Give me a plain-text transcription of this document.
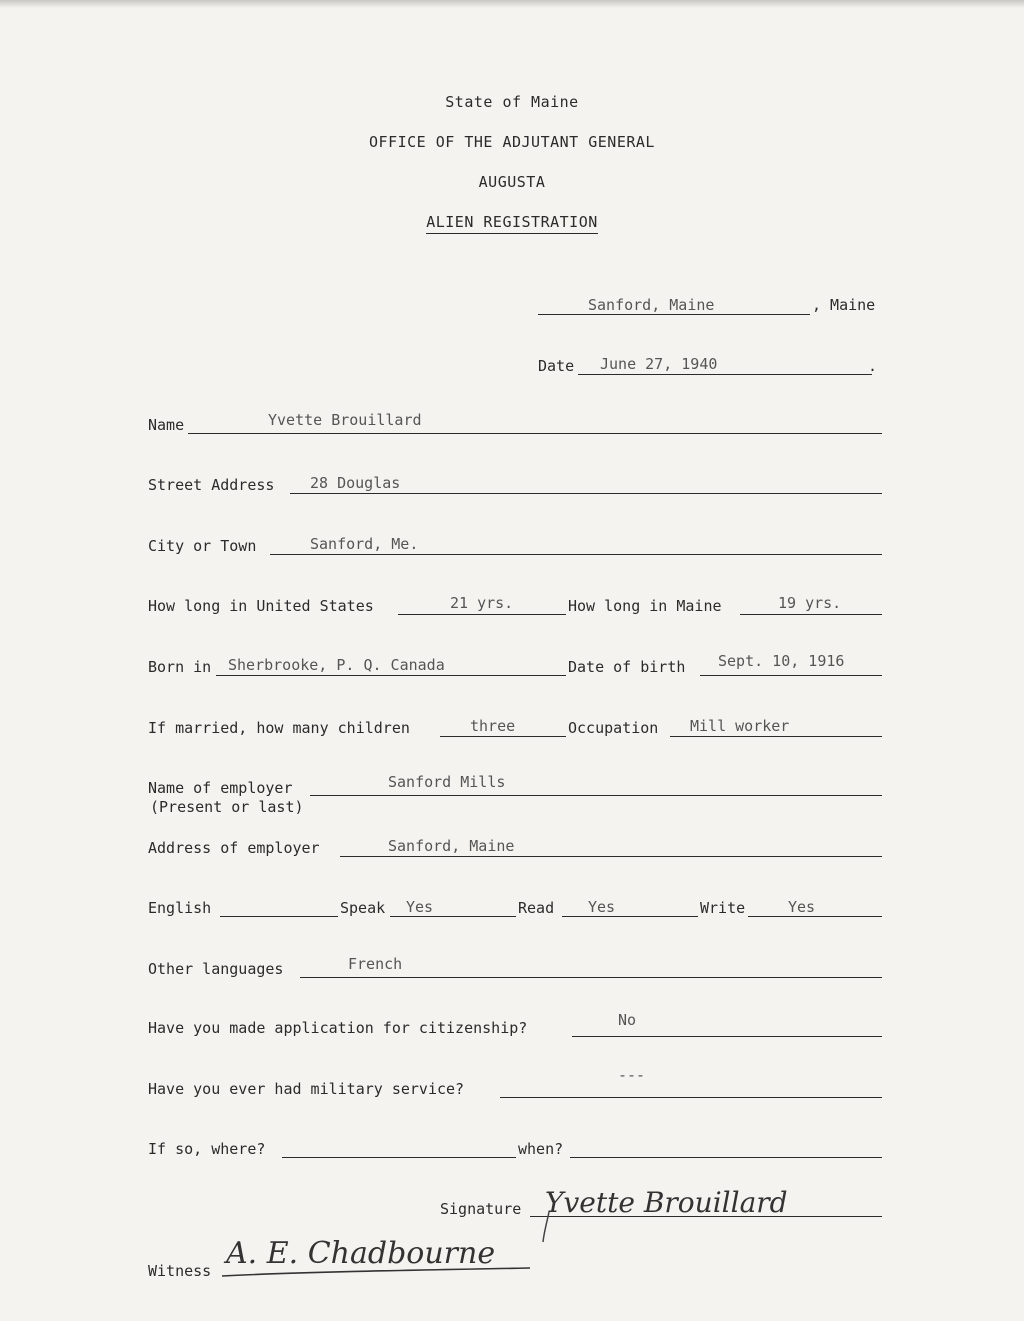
State of Maine
OFFICE OF THE ADJUTANT GENERAL
AUGUSTA
ALIEN REGISTRATION
Sanford, Maine	, Maine
Date June 27, 1940	.
Name	Yvette Brouillard
Street Address 28 Douglas
City or Town	Sanford, Me.
How long in United States	21 yrs.	How long in Maine	19 yrs.
Born in Sherbrooke, P. Q. Canada	Date of birth Sept. 10, 1916
If married, how many children	three	Occupation Mill worker
Name of employer
(Present or last)
Sanford Mills
Address of employer	Sanford, Maine
English	Speak Yes	Read Yes	Write	Yes
Other languages	French
Have you made application for citizenship?	No
Have you ever had military service?
---
If so, where?	when?
Signature Yvette Brouillard
Witness A. E. Chadbourne
